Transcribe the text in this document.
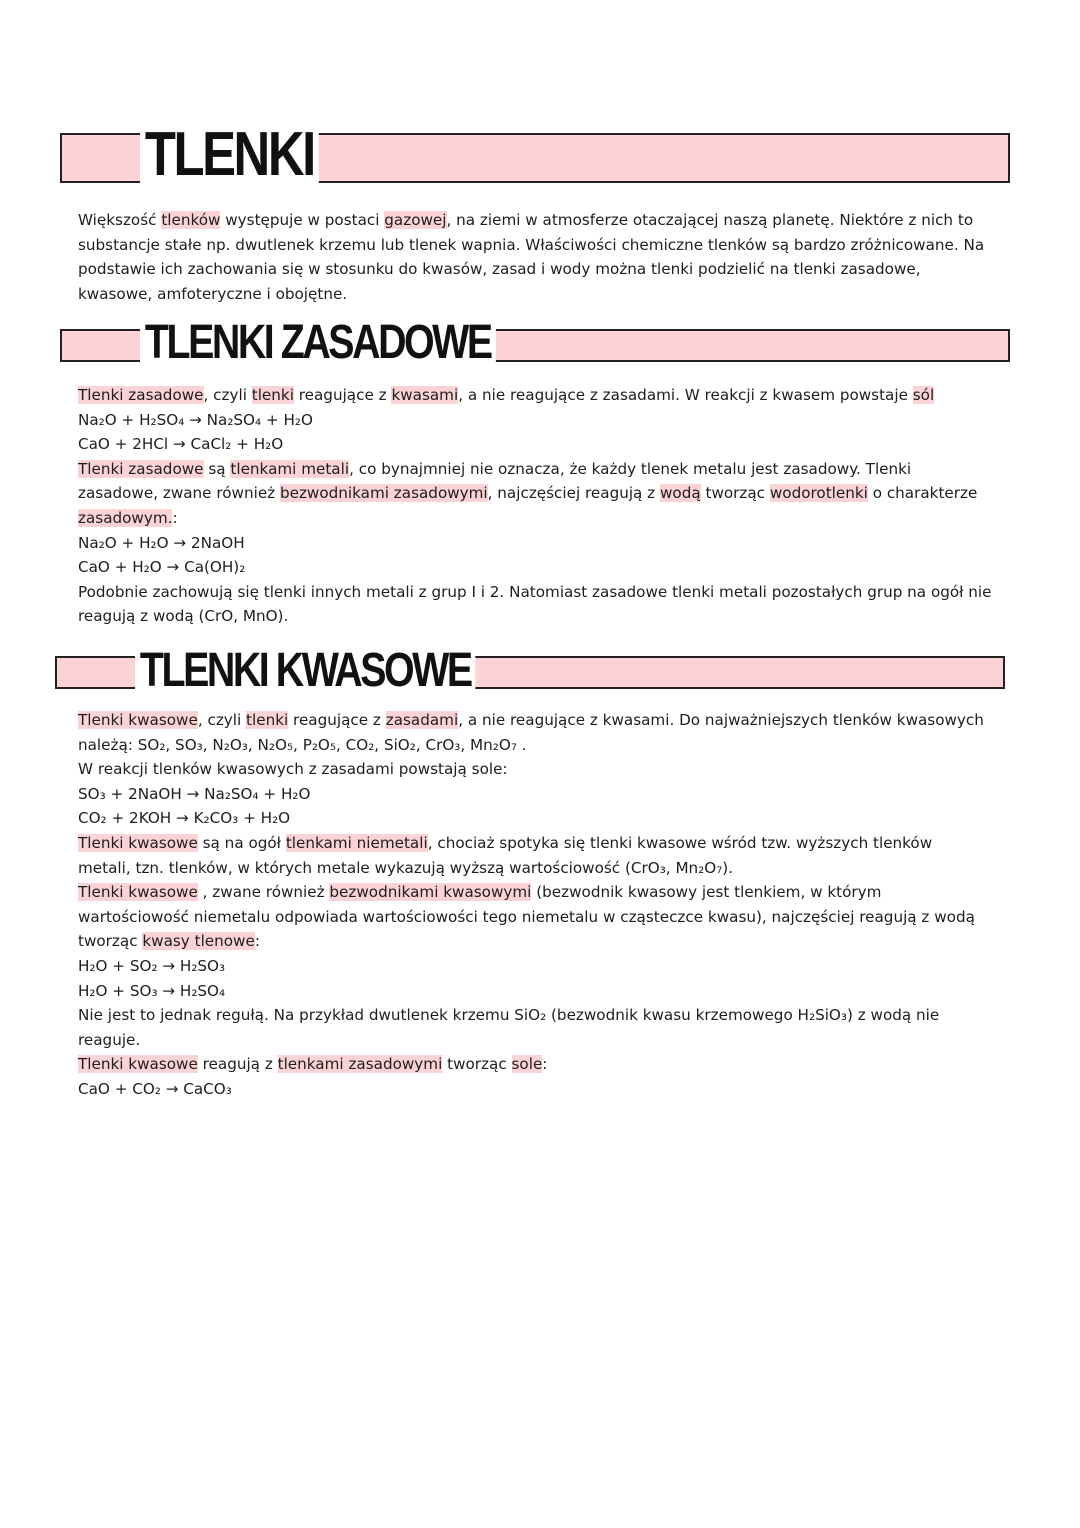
TLENKI
Większość tlenków występuje w postaci gazowej, na ziemi w atmosferze otaczającej naszą planetę. Niektóre z nich to
substancje stałe np. dwutlenek krzemu lub tlenek wapnia. Właściwości chemiczne tlenków są bardzo zróżnicowane. Na
podstawie ich zachowania się w stosunku do kwasów, zasad i wody można tlenki podzielić na tlenki zasadowe,
kwasowe, amfoteryczne i obojętne.
TLENKI ZASADOWE
Tlenki zasadowe, czyli tlenki reagujące z kwasami, a nie reagujące z zasadami. W reakcji z kwasem powstaje sól
Na₂O + H₂SO₄ → Na₂SO₄ + H₂O
CaO + 2HCl → CaCl₂ + H₂O
Tlenki zasadowe są tlenkami metali, co bynajmniej nie oznacza, że każdy tlenek metalu jest zasadowy. Tlenki
zasadowe, zwane również bezwodnikami zasadowymi, najczęściej reagują z wodą tworząc wodorotlenki o charakterze
zasadowym.:
Na₂O + H₂O → 2NaOH
CaO + H₂O → Ca(OH)₂
Podobnie zachowują się tlenki innych metali z grup I i 2. Natomiast zasadowe tlenki metali pozostałych grup na ogół nie
reagują z wodą (CrO, MnO).
TLENKI KWASOWE
Tlenki kwasowe, czyli tlenki reagujące z zasadami, a nie reagujące z kwasami. Do najważniejszych tlenków kwasowych
należą: SO₂, SO₃, N₂O₃, N₂O₅, P₂O₅, CO₂, SiO₂, CrO₃, Mn₂O₇ .
W reakcji tlenków kwasowych z zasadami powstają sole:
SO₃ + 2NaOH → Na₂SO₄ + H₂O
CO₂ + 2KOH → K₂CO₃ + H₂O
Tlenki kwasowe są na ogół tlenkami niemetali, chociaż spotyka się tlenki kwasowe wśród tzw. wyższych tlenków
metali, tzn. tlenków, w których metale wykazują wyższą wartościowość (CrO₃, Mn₂O₇).
Tlenki kwasowe , zwane również bezwodnikami kwasowymi (bezwodnik kwasowy jest tlenkiem, w którym
wartościowość niemetalu odpowiada wartościowości tego niemetalu w cząsteczce kwasu), najczęściej reagują z wodą
tworząc kwasy tlenowe:
H₂O + SO₂ → H₂SO₃
H₂O + SO₃ → H₂SO₄
Nie jest to jednak regułą. Na przykład dwutlenek krzemu SiO₂ (bezwodnik kwasu krzemowego H₂SiO₃) z wodą nie
reaguje.
Tlenki kwasowe reagują z tlenkami zasadowymi tworząc sole:
CaO + CO₂ → CaCO₃
